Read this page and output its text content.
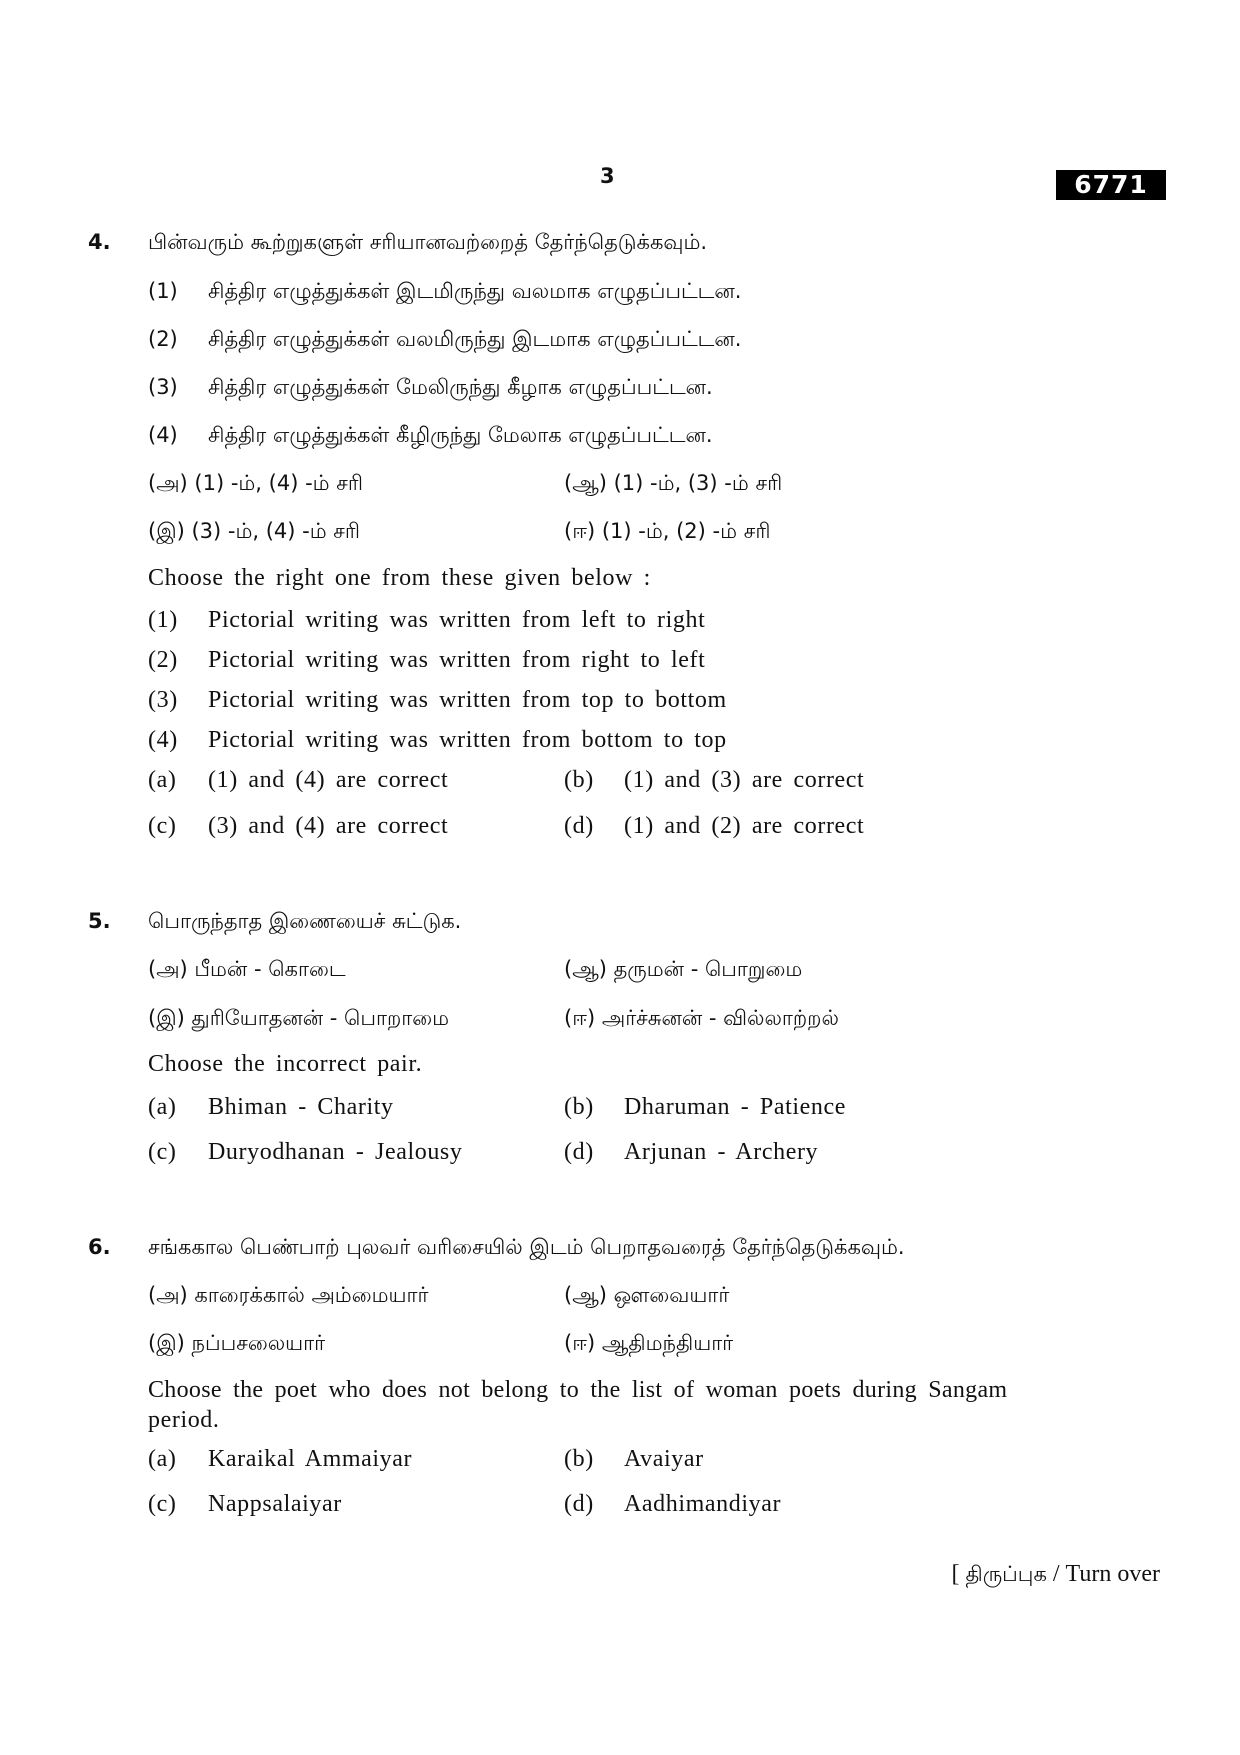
3	6771
4. பின்வரும் கூற்றுகளுள் சரியானவற்றைத் தேர்ந்தெடுக்கவும்.
(1) சித்திர எழுத்துக்கள் இடமிருந்து வலமாக எழுதப்பட்டன.
(2) சித்திர எழுத்துக்கள் வலமிருந்து இடமாக எழுதப்பட்டன.
(3) சித்திர எழுத்துக்கள் மேலிருந்து கீழாக எழுதப்பட்டன.
(4) சித்திர எழுத்துக்கள் கீழிருந்து மேலாக எழுதப்பட்டன.
(அ) (1) -ம், (4) -ம் சரி	(ஆ) (1) -ம், (3) -ம் சரி
(இ) (3) -ம், (4) -ம் சரி	(ஈ) (1) -ம், (2) -ம் சரி
Choose the right one from these given below :
(1) Pictorial writing was written from left to right
(2) Pictorial writing was written from right to left
(3) Pictorial writing was written from top to bottom
(4) Pictorial writing was written from bottom to top
(a) (1) and (4) are correct	(b) (1) and (3) are correct
(c) (3) and (4) are correct	(d) (1) and (2) are correct
5. பொருந்தாத இணையைச் சுட்டுக.
(அ) பீமன் - கொடை	(ஆ) தருமன் - பொறுமை
(இ) துரியோதனன் - பொறாமை	(ஈ) அர்ச்சுனன் - வில்லாற்றல்
Choose the incorrect pair.
(a) Bhiman - Charity	(b) Dharuman - Patience
(c) Duryodhanan - Jealousy	(d) Arjunan - Archery
6. சங்ககால பெண்பாற் புலவர் வரிசையில் இடம் பெறாதவரைத் தேர்ந்தெடுக்கவும்.
(அ) காரைக்கால் அம்மையார்	(ஆ) ஔவையார்
(இ) நப்பசலையார்	(ஈ) ஆதிமந்தியார்
Choose the poet who does not belong to the list of woman poets during Sangam
period.
(a) Karaikal Ammaiyar	(b) Avaiyar
(c) Nappsalaiyar	(d) Aadhimandiyar
[ திருப்புக / Turn over
